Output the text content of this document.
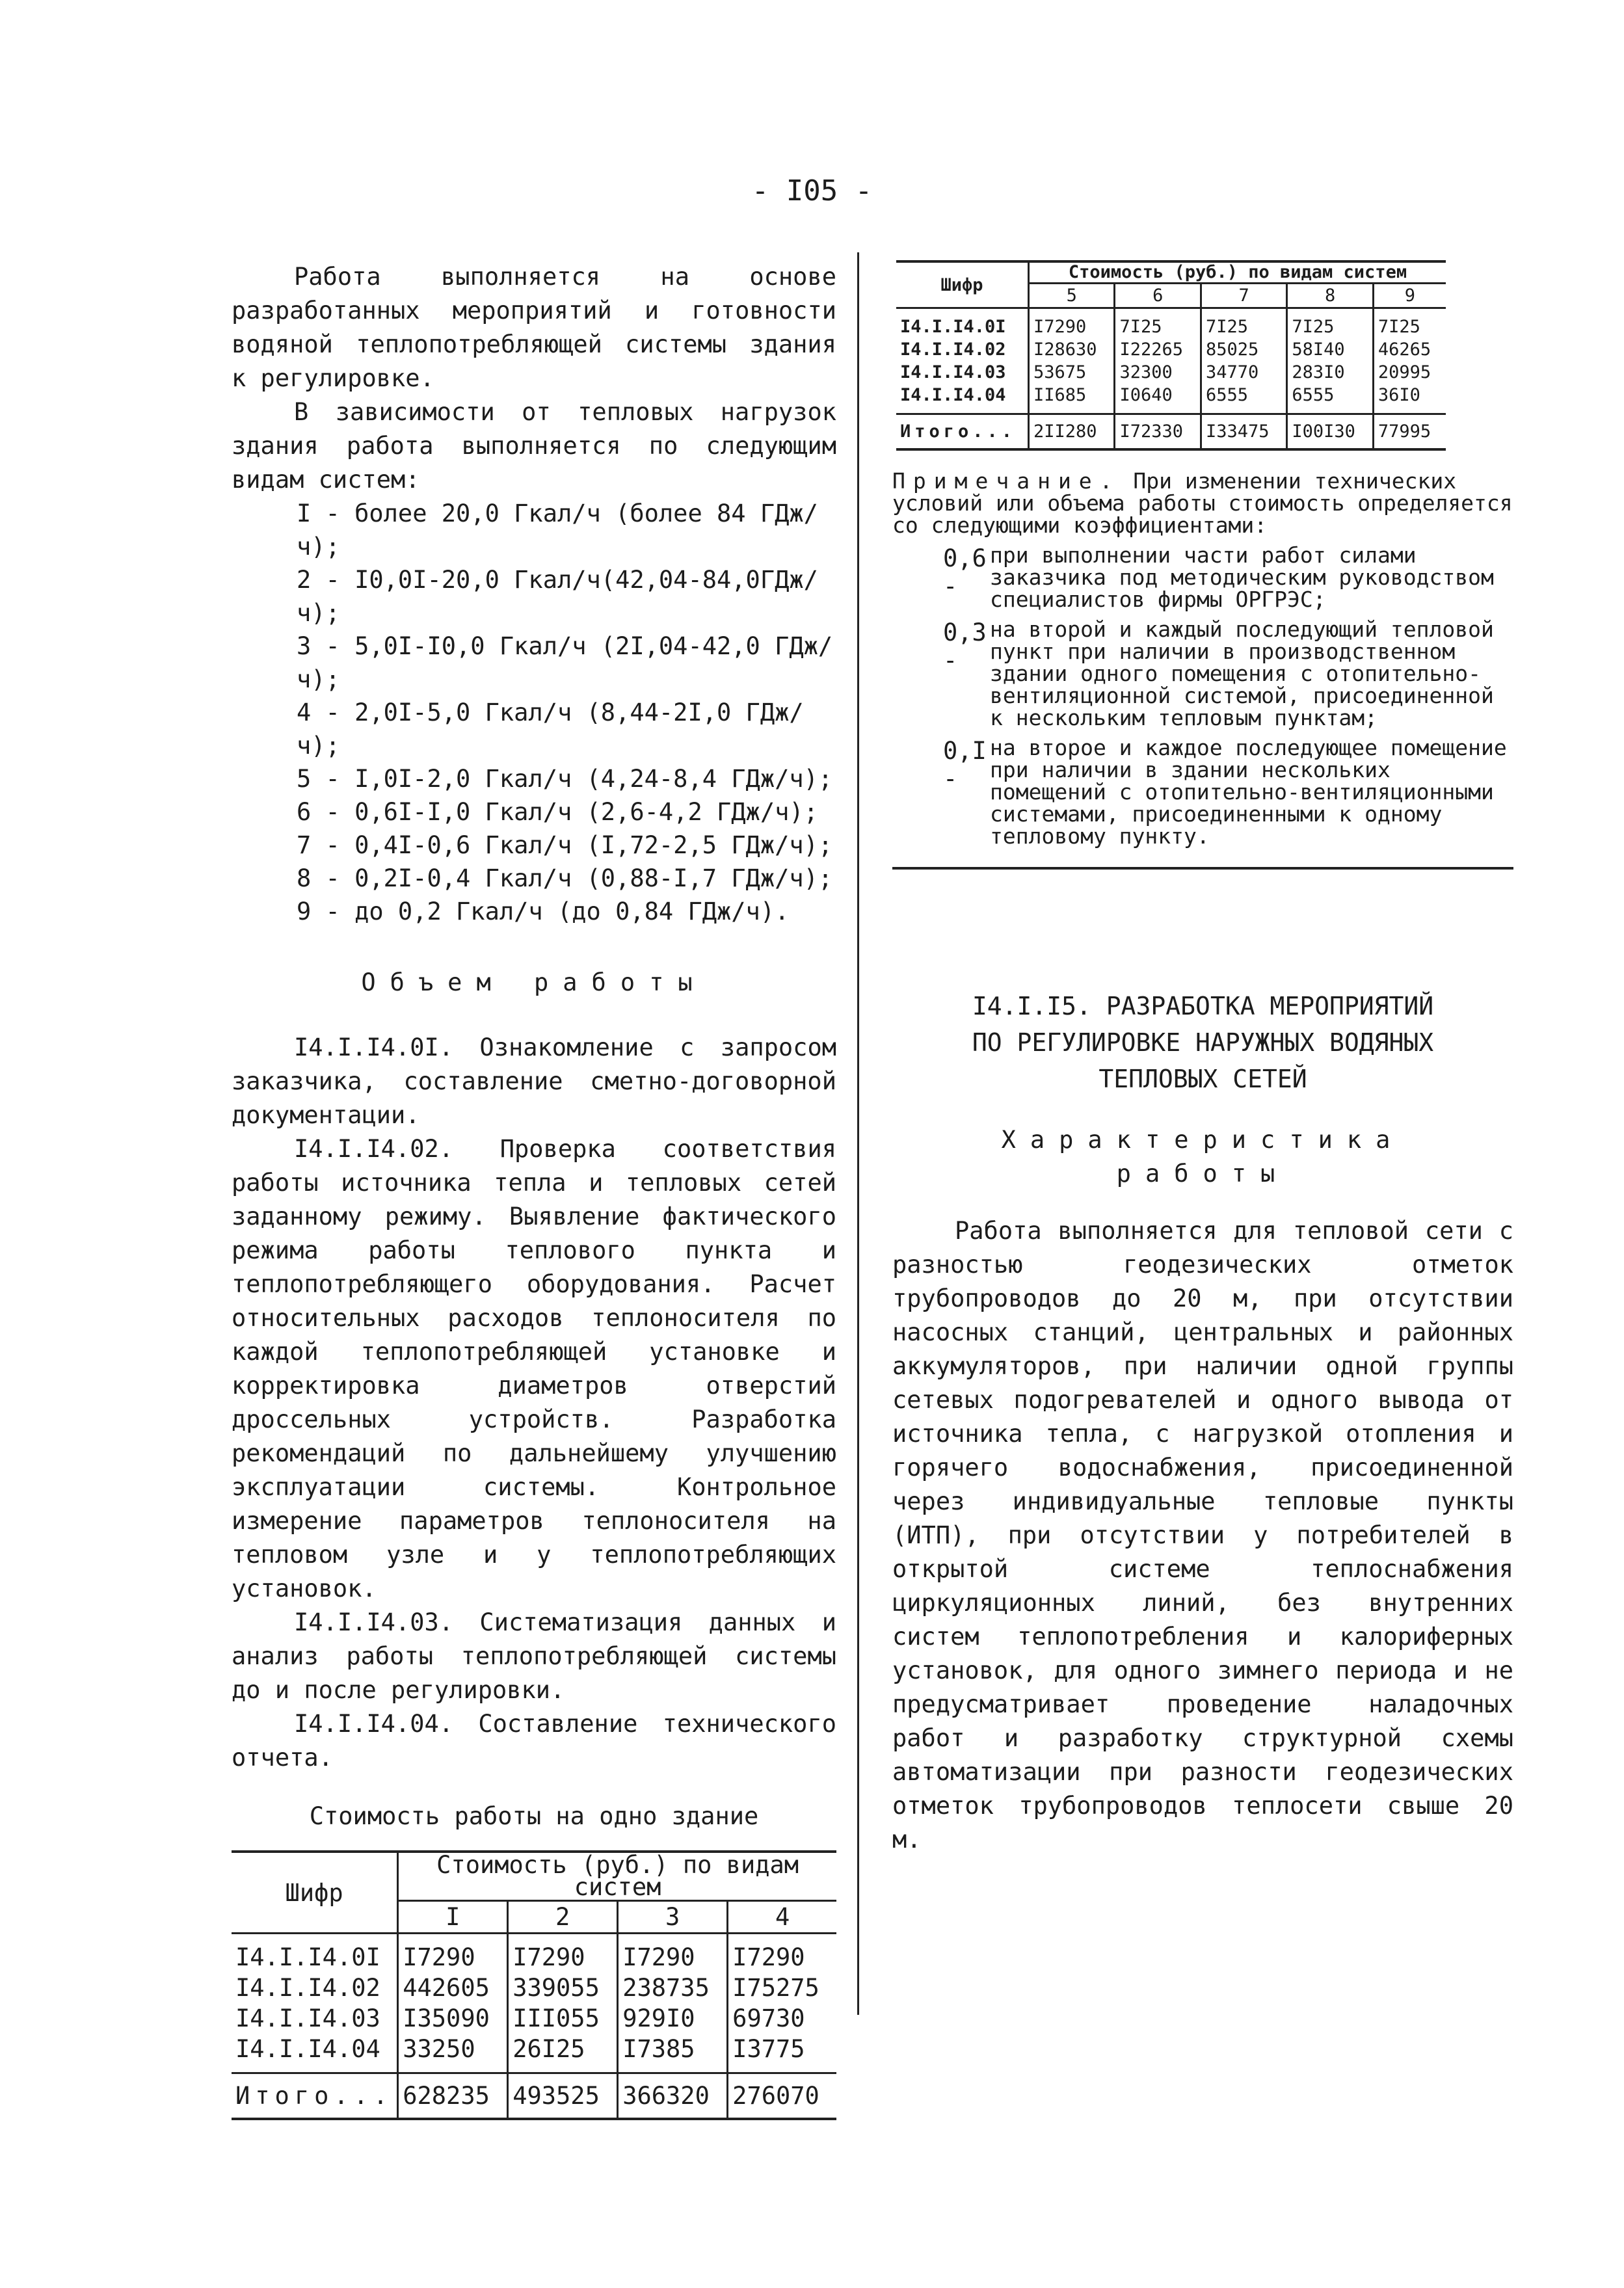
- I05 -

Работа выполняется на основе разработанных мероприятий и готовности водяной теплопотребляющей системы здания к регулировке.

В зависимости от тепловых нагрузок здания работа выполняется по следующим видам систем:

I - более 20,0 Гкал/ч (более 84 ГДж/ч);
2 - I0,0I-20,0 Гкал/ч(42,04-84,0ГДж/ч);
3 - 5,0I-I0,0 Гкал/ч (2I,04-42,0 ГДж/ч);
4 - 2,0I-5,0 Гкал/ч (8,44-2I,0 ГДж/ч);
5 - I,0I-2,0 Гкал/ч (4,24-8,4 ГДж/ч);
6 - 0,6I-I,0 Гкал/ч (2,6-4,2 ГДж/ч);
7 - 0,4I-0,6 Гкал/ч (I,72-2,5 ГДж/ч);
8 - 0,2I-0,4 Гкал/ч (0,88-I,7 ГДж/ч);
9 - до 0,2 Гкал/ч (до 0,84 ГДж/ч).

Объем работы

I4.I.I4.0I. Ознакомление с запросом заказчика, составление сметно-договорной документации.

I4.I.I4.02. Проверка соответствия работы источника тепла и тепловых сетей заданному режиму. Выявление фактического режима работы теплового пункта и теплопотребляющего оборудования. Расчет относительных расходов теплоносителя по каждой теплопотребляющей установке и корректировка диаметров отверстий дроссельных устройств. Разработка рекомендаций по дальнейшему улучшению эксплуатации системы. Контрольное измерение параметров теплоносителя на тепловом узле и у теплопотребляющих установок.

I4.I.I4.03. Систематизация данных и анализ работы теплопотребляющей системы до и после регулировки.

I4.I.I4.04. Составление технического отчета.

Стоимость работы на одно здание

Шифр	Стоимость (руб.) по видам систем			
	I	2	3	4
I4.I.I4.0I	I7290	I7290	I7290	I7290
I4.I.I4.02	442605	339055	238735	I75275
I4.I.I4.03	I35090	III055	929I0	69730
I4.I.I4.04	33250	26I25	I7385	I3775
Итого...	628235	493525	366320	276070
Шифр	Стоимость (руб.) по видам систем				
	5	6	7	8	9
I4.I.I4.0I	I7290	7I25	7I25	7I25	7I25
I4.I.I4.02	I28630	I22265	85025	58I40	46265
I4.I.I4.03	53675	32300	34770	283I0	20995
I4.I.I4.04	II685	I0640	6555	6555	36I0
Итого...	2II280	I72330	I33475	I00I30	77995

Примечание. При изменении технических условий или объема работы стоимость определяется со следующими коэффициентами:

0,6 -
при выполнении части работ силами заказчика под методическим руководством специалистов фирмы ОРГРЭС;
0,3 -
на второй и каждый последующий тепловой пункт при наличии в производственном здании одного помещения с отопительно-вентиляционной системой, присоединенной к нескольким тепловым пунктам;
0,I -
на второе и каждое последующее помещение при наличии в здании нескольких помещений с отопительно-вентиляционными системами, присоединенными к одному тепловому пункту.
I4.I.I5. РАЗРАБОТКА МЕРОПРИЯТИЙ
ПО РЕГУЛИРОВКЕ НАРУЖНЫХ ВОДЯНЫХ
ТЕПЛОВЫХ СЕТЕЙ

Характеристика

работы

Работа выполняется для тепловой сети с разностью геодезических отметок трубопроводов до 20 м, при отсутствии насосных станций, центральных и районных аккумуляторов, при наличии одной группы сетевых подогревателей и одного вывода от источника тепла, с нагрузкой отопления и горячего водоснабжения, присоединенной через индивидуальные тепловые пункты (ИТП), при отсутствии у потребителей в открытой системе теплоснабжения циркуляционных линий, без внутренних систем теплопотребления и калориферных установок, для одного зимнего периода и не предусматривает проведение наладочных работ и разработку структурной схемы автоматизации при разности геодезических отметок трубопроводов теплосети свыше 20 м.
